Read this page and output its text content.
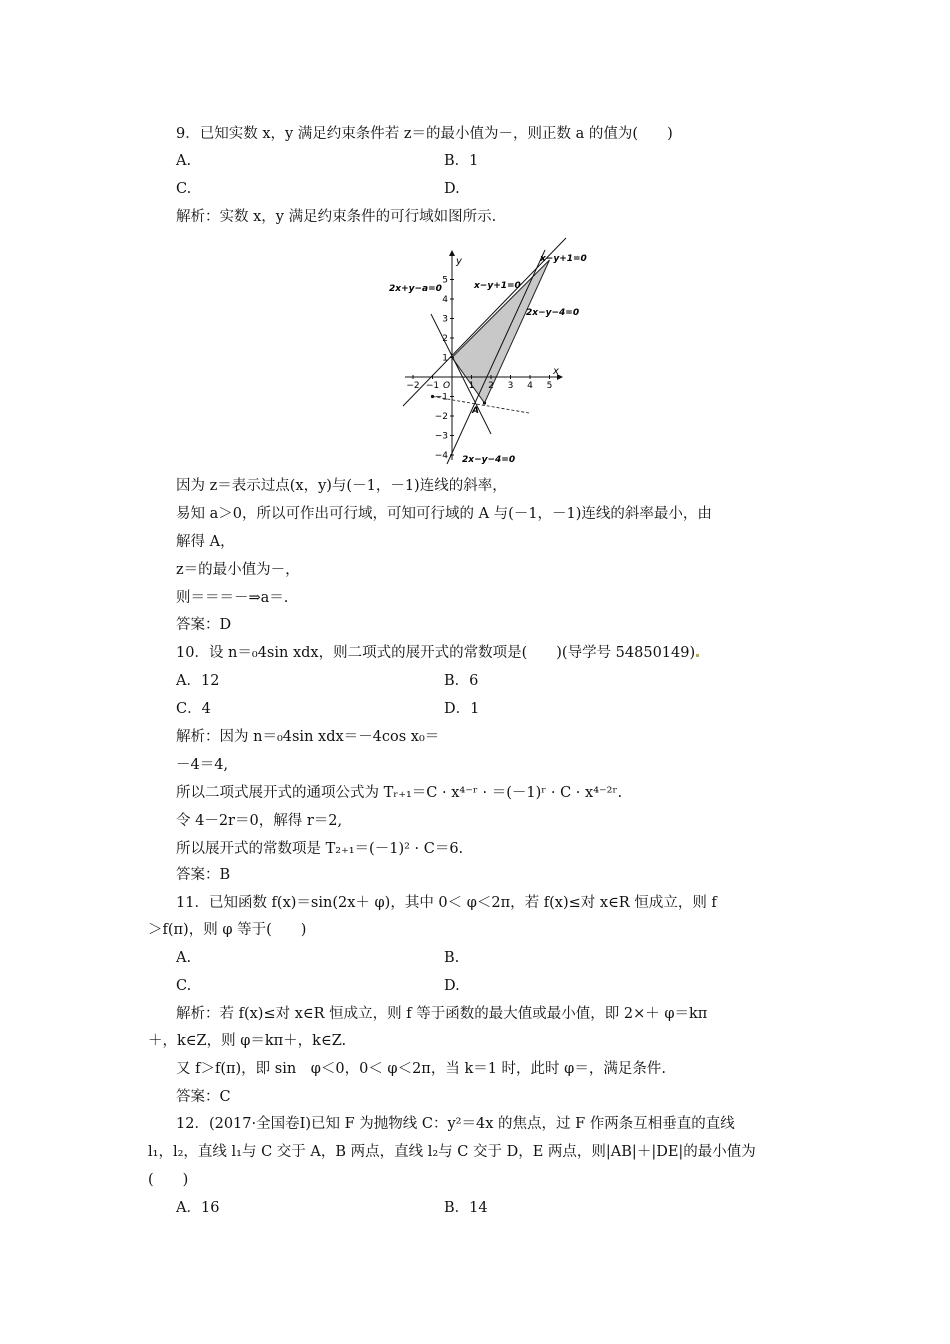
9．已知实数 x，y 满足约束条件若 z＝的最小值为－，则正数 a 的值为(　　)
A.	B．1
C.	D.
解析：实数 x，y 满足约束条件的可行域如图所示.
y
x
O
−2 −1	1 2 3 4 5
1
2
3
4
5
−1
−2
−3
−4
2x+y−a=0	x−y+1=0
x−y+1=0
2x−y−4=0
2x−y−4=0
A
因为 z＝表示过点(x，y)与(－1，－1)连线的斜率，
易知 a＞0，所以可作出可行域，可知可行域的 A 与(－1，－1)连线的斜率最小，由
解得 A，
z＝的最小值为－，
则＝＝＝－⇒a＝.
答案：D
10．设 n＝₀4sin xdx，则二项式的展开式的常数项是(　　)(导学号 54850149)
A．12	B．6
C．4	D．1
解析：因为 n＝₀4sin xdx＝－4cos x₀＝
－4＝4,
所以二项式展开式的通项公式为 Tᵣ₊₁＝C · x⁴⁻ʳ · ＝(－1)ʳ · C · x⁴⁻²ʳ.
令 4－2r＝0，解得 r＝2,
所以展开式的常数项是 T₂₊₁＝(－1)² · C＝6.
答案：B
11．已知函数 f(x)＝sin(2x＋ φ)，其中 0＜ φ＜2π，若 f(x)≤对 x∈R 恒成立，则 f
＞f(π)，则 φ 等于(　　)
A.	B.
C.	D.
解析：若 f(x)≤对 x∈R 恒成立，则 f 等于函数的最大值或最小值，即 2×＋ φ＝kπ
＋，k∈Z，则 φ＝kπ＋，k∈Z.
又 f＞f(π)，即 sin　φ＜0，0＜ φ＜2π，当 k＝1 时，此时 φ＝，满足条件.
答案：C
12．(2017·全国卷Ⅰ)已知 F 为抛物线 C：y²＝4x 的焦点，过 F 作两条互相垂直的直线
l₁，l₂，直线 l₁与 C 交于 A，B 两点，直线 l₂与 C 交于 D，E 两点，则|AB|＋|DE|的最小值为
(　　)
A．16	B．14
